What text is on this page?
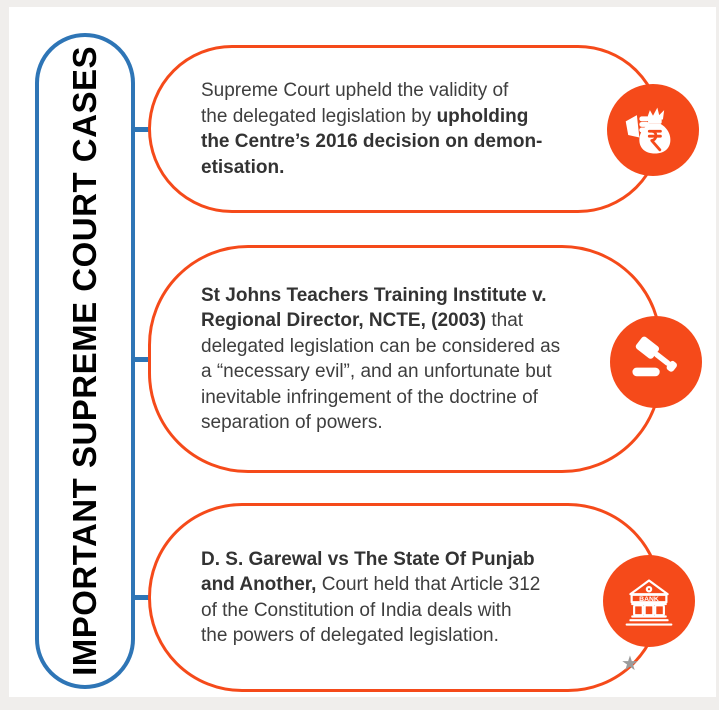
IMPORTANT SUPREME COURT CASES	Supreme Court upheld the validity of
the delegated legislation by upholding
the Centre’s 2016 decision on demon-
etisation.
St Johns Teachers Training Institute v.
Regional Director, NCTE, (2003) that
delegated legislation can be considered as
a “necessary evil”, and an unfortunate but
inevitable infringement of the doctrine of
separation of powers.
D. S. Garewal vs The State Of Punjab
and Another, Court held that Article 312
of the Constitution of India deals with
the powers of delegated legislation.
BANK
★
